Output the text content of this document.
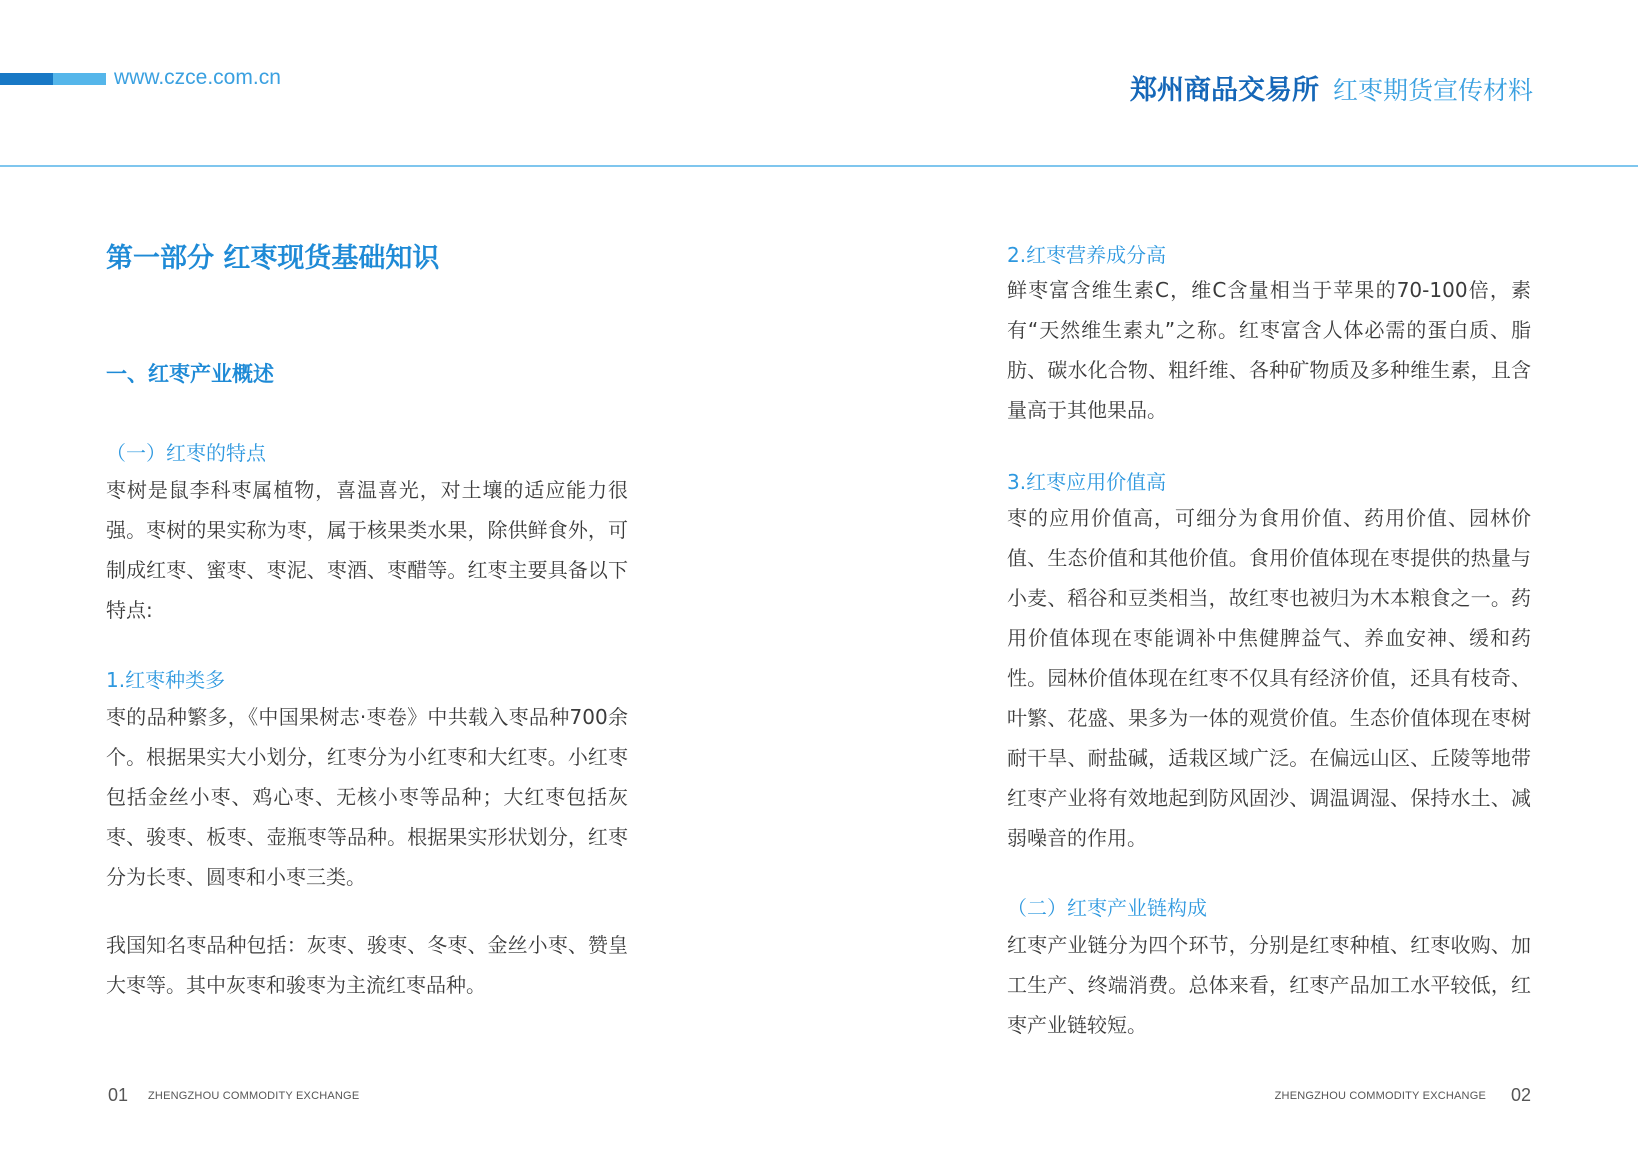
www.czce.com.cn	郑州商品交易所 红枣期货宣传材料
第一部分 红枣现货基础知识
一、红枣产业概述
（一）红枣的特点

枣树是鼠李科枣属植物，喜温喜光，对土壤的适应能力很强。枣树的果实称为枣，属于核果类水果，除供鲜食外，可制成红枣、蜜枣、枣泥、枣酒、枣醋等。红枣主要具备以下特点:

1.红枣种类多

枣的品种繁多，《中国果树志·枣卷》中共载入枣品种700余个。根据果实大小划分，红枣分为小红枣和大红枣。小红枣包括金丝小枣、鸡心枣、无核小枣等品种；大红枣包括灰枣、骏枣、板枣、壶瓶枣等品种。根据果实形状划分，红枣分为长枣、圆枣和小枣三类。

我国知名枣品种包括：灰枣、骏枣、冬枣、金丝小枣、赞皇大枣等。其中灰枣和骏枣为主流红枣品种。

2.红枣营养成分高

鲜枣富含维生素C，维C含量相当于苹果的70-100倍，素有“天然维生素丸”之称。红枣富含人体必需的蛋白质、脂肪、碳水化合物、粗纤维、各种矿物质及多种维生素，且含量高于其他果品。

3.红枣应用价值高

枣的应用价值高，可细分为食用价值、药用价值、园林价值、生态价值和其他价值。食用价值体现在枣提供的热量与小麦、稻谷和豆类相当，故红枣也被归为木本粮食之一。药用价值体现在枣能调补中焦健脾益气、养血安神、缓和药性。园林价值体现在红枣不仅具有经济价值，还具有枝奇、叶繁、花盛、果多为一体的观赏价值。生态价值体现在枣树耐干旱、耐盐碱，适栽区域广泛。在偏远山区、丘陵等地带红枣产业将有效地起到防风固沙、调温调湿、保持水土、减弱噪音的作用。

（二）红枣产业链构成

红枣产业链分为四个环节，分别是红枣种植、红枣收购、加工生产、终端消费。总体来看，红枣产品加工水平较低，红枣产业链较短。

01 ZHENGZHOU COMMODITY EXCHANGE	ZHENGZHOU COMMODITY EXCHANGE 02
